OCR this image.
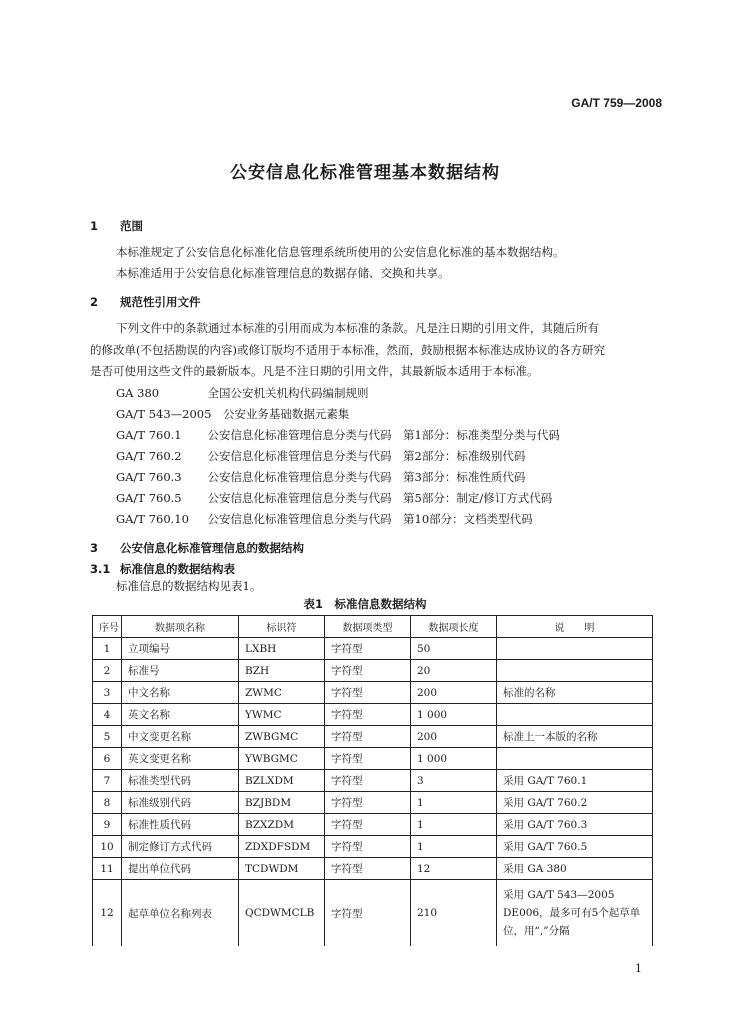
GA/T 759—2008
公安信息化标准管理基本数据结构
1 范围
本标准规定了公安信息化标准化信息管理系统所使用的公安信息化标准的基本数据结构。
本标准适用于公安信息化标准管理信息的数据存储、交换和共享。
2 规范性引用文件
下列文件中的条款通过本标准的引用而成为本标准的条款。凡是注日期的引用文件，其随后所有
的修改单(不包括勘误的内容)或修订版均不适用于本标准，然而，鼓励根据本标准达成协议的各方研究
是否可使用这些文件的最新版本。凡是不注日期的引用文件，其最新版本适用于本标准。
GA 380　	全国公安机关机构代码编制规则
GA/T 543—2005　 公安业务基础数据元素集
GA/T 760.1　 公安信息化标准管理信息分类与代码　第1部分：标准类型分类与代码
GA/T 760.2　 公安信息化标准管理信息分类与代码　第2部分：标准级别代码
GA/T 760.3　 公安信息化标准管理信息分类与代码　第3部分：标准性质代码
GA/T 760.5　 公安信息化标准管理信息分类与代码　第5部分：制定/修订方式代码
GA/T 760.10　 公安信息化标准管理信息分类与代码　第10部分：文档类型代码
3 公安信息化标准管理信息的数据结构
3.1 标准信息的数据结构表
标准信息的数据结构见表1。
表1　标准信息数据结构
序号	数据项名称	标识符	数据项类型	数据项长度	说　　明
1	立项编号	LXBH	字符型	50	
2	标准号	BZH	字符型	20	
3	中文名称	ZWMC	字符型	200	标准的名称
4	英文名称	YWMC	字符型	1 000	
5	中文变更名称	ZWBGMC	字符型	200	标准上一本版的名称
6	英文变更名称	YWBGMC	字符型	1 000	
7	标准类型代码	BZLXDM	字符型	3	采用 GA/T 760.1
8	标准级别代码	BZJBDM	字符型	1	采用 GA/T 760.2
9	标准性质代码	BZXZDM	字符型	1	采用 GA/T 760.3
10	制定修订方式代码	ZDXDFSDM	字符型	1	采用 GA/T 760.5
11	提出单位代码	TCDWDM	字符型	12	采用 GA 380
12	起草单位名称列表	QCDWMCLB	字符型	210	采用 GA/T 543—2005 DE006，最多可有5个起草单位，用“,”分隔
1
